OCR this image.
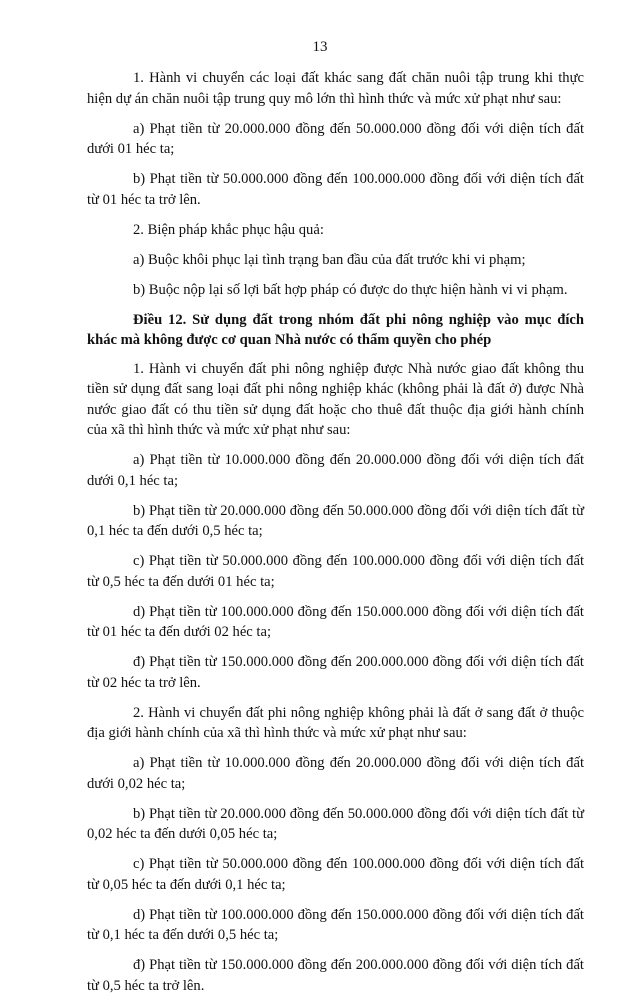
13

1. Hành vi chuyển các loại đất khác sang đất chăn nuôi tập trung khi thực hiện dự án chăn nuôi tập trung quy mô lớn thì hình thức và mức xử phạt như sau:

a) Phạt tiền từ 20.000.000 đồng đến 50.000.000 đồng đối với diện tích đất dưới 01 héc ta;

b) Phạt tiền từ 50.000.000 đồng đến 100.000.000 đồng đối với diện tích đất từ 01 héc ta trở lên.

2. Biện pháp khắc phục hậu quả:

a) Buộc khôi phục lại tình trạng ban đầu của đất trước khi vi phạm;

b) Buộc nộp lại số lợi bất hợp pháp có được do thực hiện hành vi vi phạm.

Điều 12. Sử dụng đất trong nhóm đất phi nông nghiệp vào mục đích khác mà không được cơ quan Nhà nước có thẩm quyền cho phép

1. Hành vi chuyển đất phi nông nghiệp được Nhà nước giao đất không thu tiền sử dụng đất sang loại đất phi nông nghiệp khác (không phải là đất ở) được Nhà nước giao đất có thu tiền sử dụng đất hoặc cho thuê đất thuộc địa giới hành chính của xã thì hình thức và mức xử phạt như sau:

a) Phạt tiền từ 10.000.000 đồng đến 20.000.000 đồng đối với diện tích đất dưới 0,1 héc ta;

b) Phạt tiền từ 20.000.000 đồng đến 50.000.000 đồng đối với diện tích đất từ 0,1 héc ta đến dưới 0,5 héc ta;

c) Phạt tiền từ 50.000.000 đồng đến 100.000.000 đồng đối với diện tích đất từ 0,5 héc ta đến dưới 01 héc ta;

d) Phạt tiền từ 100.000.000 đồng đến 150.000.000 đồng đối với diện tích đất từ 01 héc ta đến dưới 02 héc ta;

đ) Phạt tiền từ 150.000.000 đồng đến 200.000.000 đồng đối với diện tích đất từ 02 héc ta trở lên.

2. Hành vi chuyển đất phi nông nghiệp không phải là đất ở sang đất ở thuộc địa giới hành chính của xã thì hình thức và mức xử phạt như sau:

a) Phạt tiền từ 10.000.000 đồng đến 20.000.000 đồng đối với diện tích đất dưới 0,02 héc ta;

b) Phạt tiền từ 20.000.000 đồng đến 50.000.000 đồng đối với diện tích đất từ 0,02 héc ta đến dưới 0,05 héc ta;

c) Phạt tiền từ 50.000.000 đồng đến 100.000.000 đồng đối với diện tích đất từ 0,05 héc ta đến dưới 0,1 héc ta;

d) Phạt tiền từ 100.000.000 đồng đến 150.000.000 đồng đối với diện tích đất từ 0,1 héc ta đến dưới 0,5 héc ta;

đ) Phạt tiền từ 150.000.000 đồng đến 200.000.000 đồng đối với diện tích đất từ 0,5 héc ta trở lên.
